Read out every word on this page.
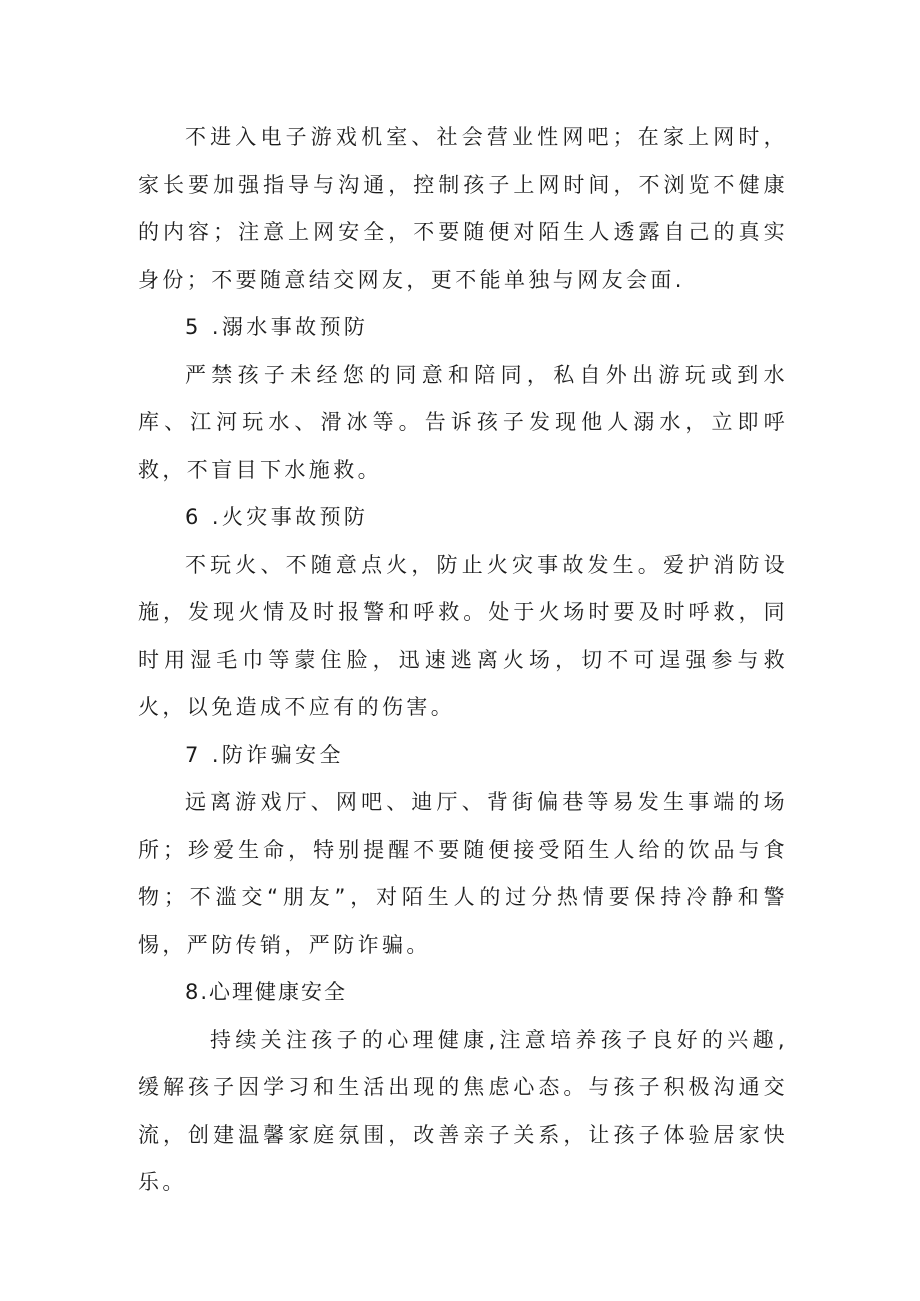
不进入电子游戏机室、社会营业性网吧；在家上网时，家长要加强指导与沟通，控制孩子上网时间，不浏览不健康的内容；注意上网安全，不要随便对陌生人透露自己的真实身份；不要随意结交网友，更不能单独与网友会面.

5 .溺水事故预防

严禁孩子未经您的同意和陪同，私自外出游玩或到水库、江河玩水、滑冰等。告诉孩子发现他人溺水，立即呼救，不盲目下水施救。

6 .火灾事故预防

不玩火、不随意点火，防止火灾事故发生。爱护消防设施，发现火情及时报警和呼救。处于火场时要及时呼救，同时用湿毛巾等蒙住脸，迅速逃离火场，切不可逞强参与救火，以免造成不应有的伤害。

7 .防诈骗安全

远离游戏厅、网吧、迪厅、背街偏巷等易发生事端的场所；珍爱生命，特别提醒不要随便接受陌生人给的饮品与食物；不滥交“朋友”，对陌生人的过分热情要保持冷静和警惕，严防传销，严防诈骗。

8.心理健康安全

持续关注孩子的心理健康,注意培养孩子良好的兴趣,缓解孩子因学习和生活出现的焦虑心态。与孩子积极沟通交流，创建温馨家庭氛围，改善亲子关系，让孩子体验居家快乐。
